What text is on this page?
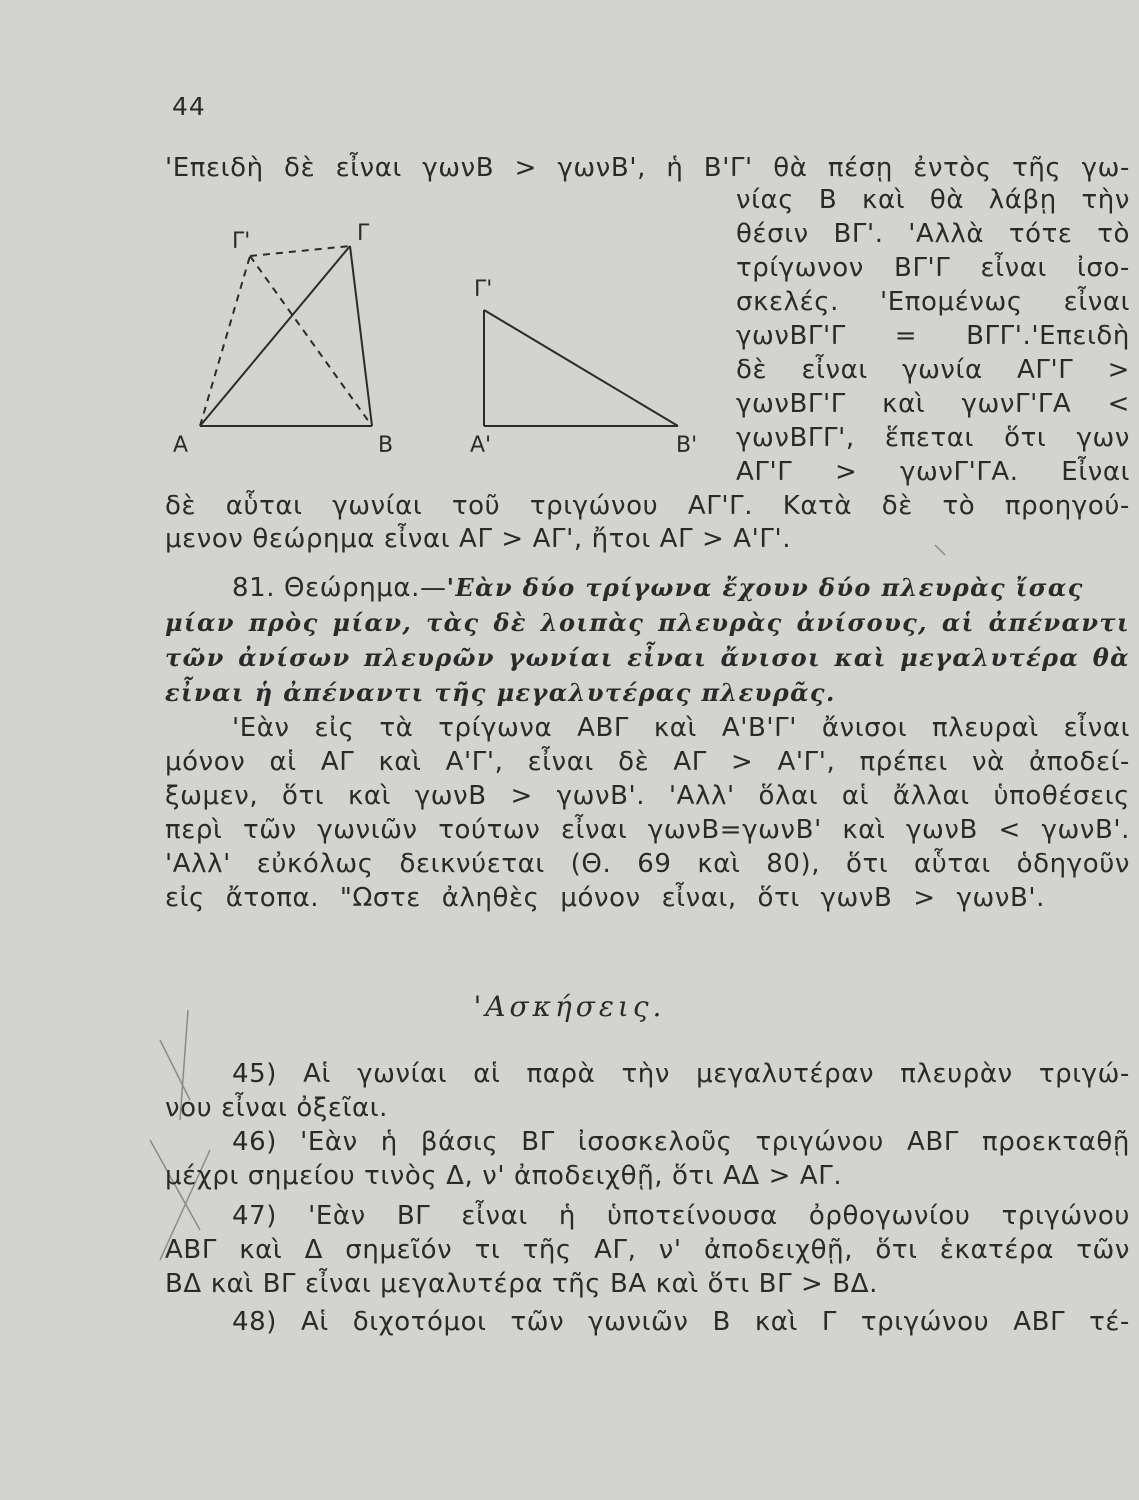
44
Γ'	Γ
Α	Β
Γ'
Α'	Β'
'Επειδὴ δὲ εἶναι γωνΒ > γωνΒ', ἡ Β'Γ' θὰ πέσῃ ἐντὸς τῆς γω-
νίας Β καὶ θὰ λάβῃ τὴν
θέσιν ΒΓ'. 'Αλλὰ τότε τὸ
τρίγωνον ΒΓ'Γ εἶναι ἰσο-
σκελές. 'Επομένως εἶναι
γωνΒΓ'Γ = ΒΓΓ'.'Επειδὴ
δὲ εἶναι γωνία ΑΓ'Γ >
γωνΒΓ'Γ καὶ γωνΓ'ΓΑ <
γωνΒΓΓ', ἕπεται ὅτι γων
ΑΓ'Γ > γωνΓ'ΓΑ. Εἶναι
δὲ αὗται γωνίαι τοῦ τριγώνου ΑΓ'Γ. Κατὰ δὲ τὸ προηγού-
μενον θεώρημα εἶναι ΑΓ > ΑΓ', ἤτοι ΑΓ > Α'Γ'.
81. Θεώρημα.—'Εὰν δύο τρίγωνα ἔχουν δύο πλευρὰς ἴσας
μίαν πρὸς μίαν, τὰς δὲ λοιπὰς πλευρὰς ἀνίσους, αἱ ἀπέναντι
τῶν ἀνίσων πλευρῶν γωνίαι εἶναι ἄνισοι καὶ μεγαλυτέρα θὰ
εἶναι ἡ ἀπέναντι τῆς μεγαλυτέρας πλευρᾶς.
'Εὰν εἰς τὰ τρίγωνα ΑΒΓ καὶ Α'Β'Γ' ἄνισοι πλευραὶ εἶναι
μόνον αἱ ΑΓ καὶ Α'Γ', εἶναι δὲ ΑΓ > Α'Γ', πρέπει νὰ ἀποδεί-
ξωμεν, ὅτι καὶ γωνΒ > γωνΒ'. 'Αλλ' ὅλαι αἱ ἄλλαι ὑποθέσεις
περὶ τῶν γωνιῶν τούτων εἶναι γωνΒ=γωνΒ' καὶ γωνΒ < γωνΒ'.
'Αλλ' εὐκόλως δεικνύεται (Θ. 69 καὶ 80), ὅτι αὗται ὁδηγοῦν
εἰς ἄτοπα. "Ωστε ἀληθὲς μόνον εἶναι, ὅτι γωνΒ > γωνΒ'.
'Ασκήσεις.
45) Αἱ γωνίαι αἱ παρὰ τὴν μεγαλυτέραν πλευρὰν τριγώ-
νου εἶναι ὀξεῖαι.
46) 'Εὰν ἡ βάσις ΒΓ ἰσοσκελοῦς τριγώνου ΑΒΓ προεκταθῇ
μέχρι σημείου τινὸς Δ, ν' ἀποδειχθῇ, ὅτι ΑΔ > ΑΓ.
47) 'Εὰν ΒΓ εἶναι ἡ ὑποτείνουσα ὀρθογωνίου τριγώνου
ΑΒΓ καὶ Δ σημεῖόν τι τῆς ΑΓ, ν' ἀποδειχθῇ, ὅτι ἑκατέρα τῶν
ΒΔ καὶ ΒΓ εἶναι μεγαλυτέρα τῆς ΒΑ καὶ ὅτι ΒΓ > ΒΔ.
48) Αἱ διχοτόμοι τῶν γωνιῶν Β καὶ Γ τριγώνου ΑΒΓ τέ-
